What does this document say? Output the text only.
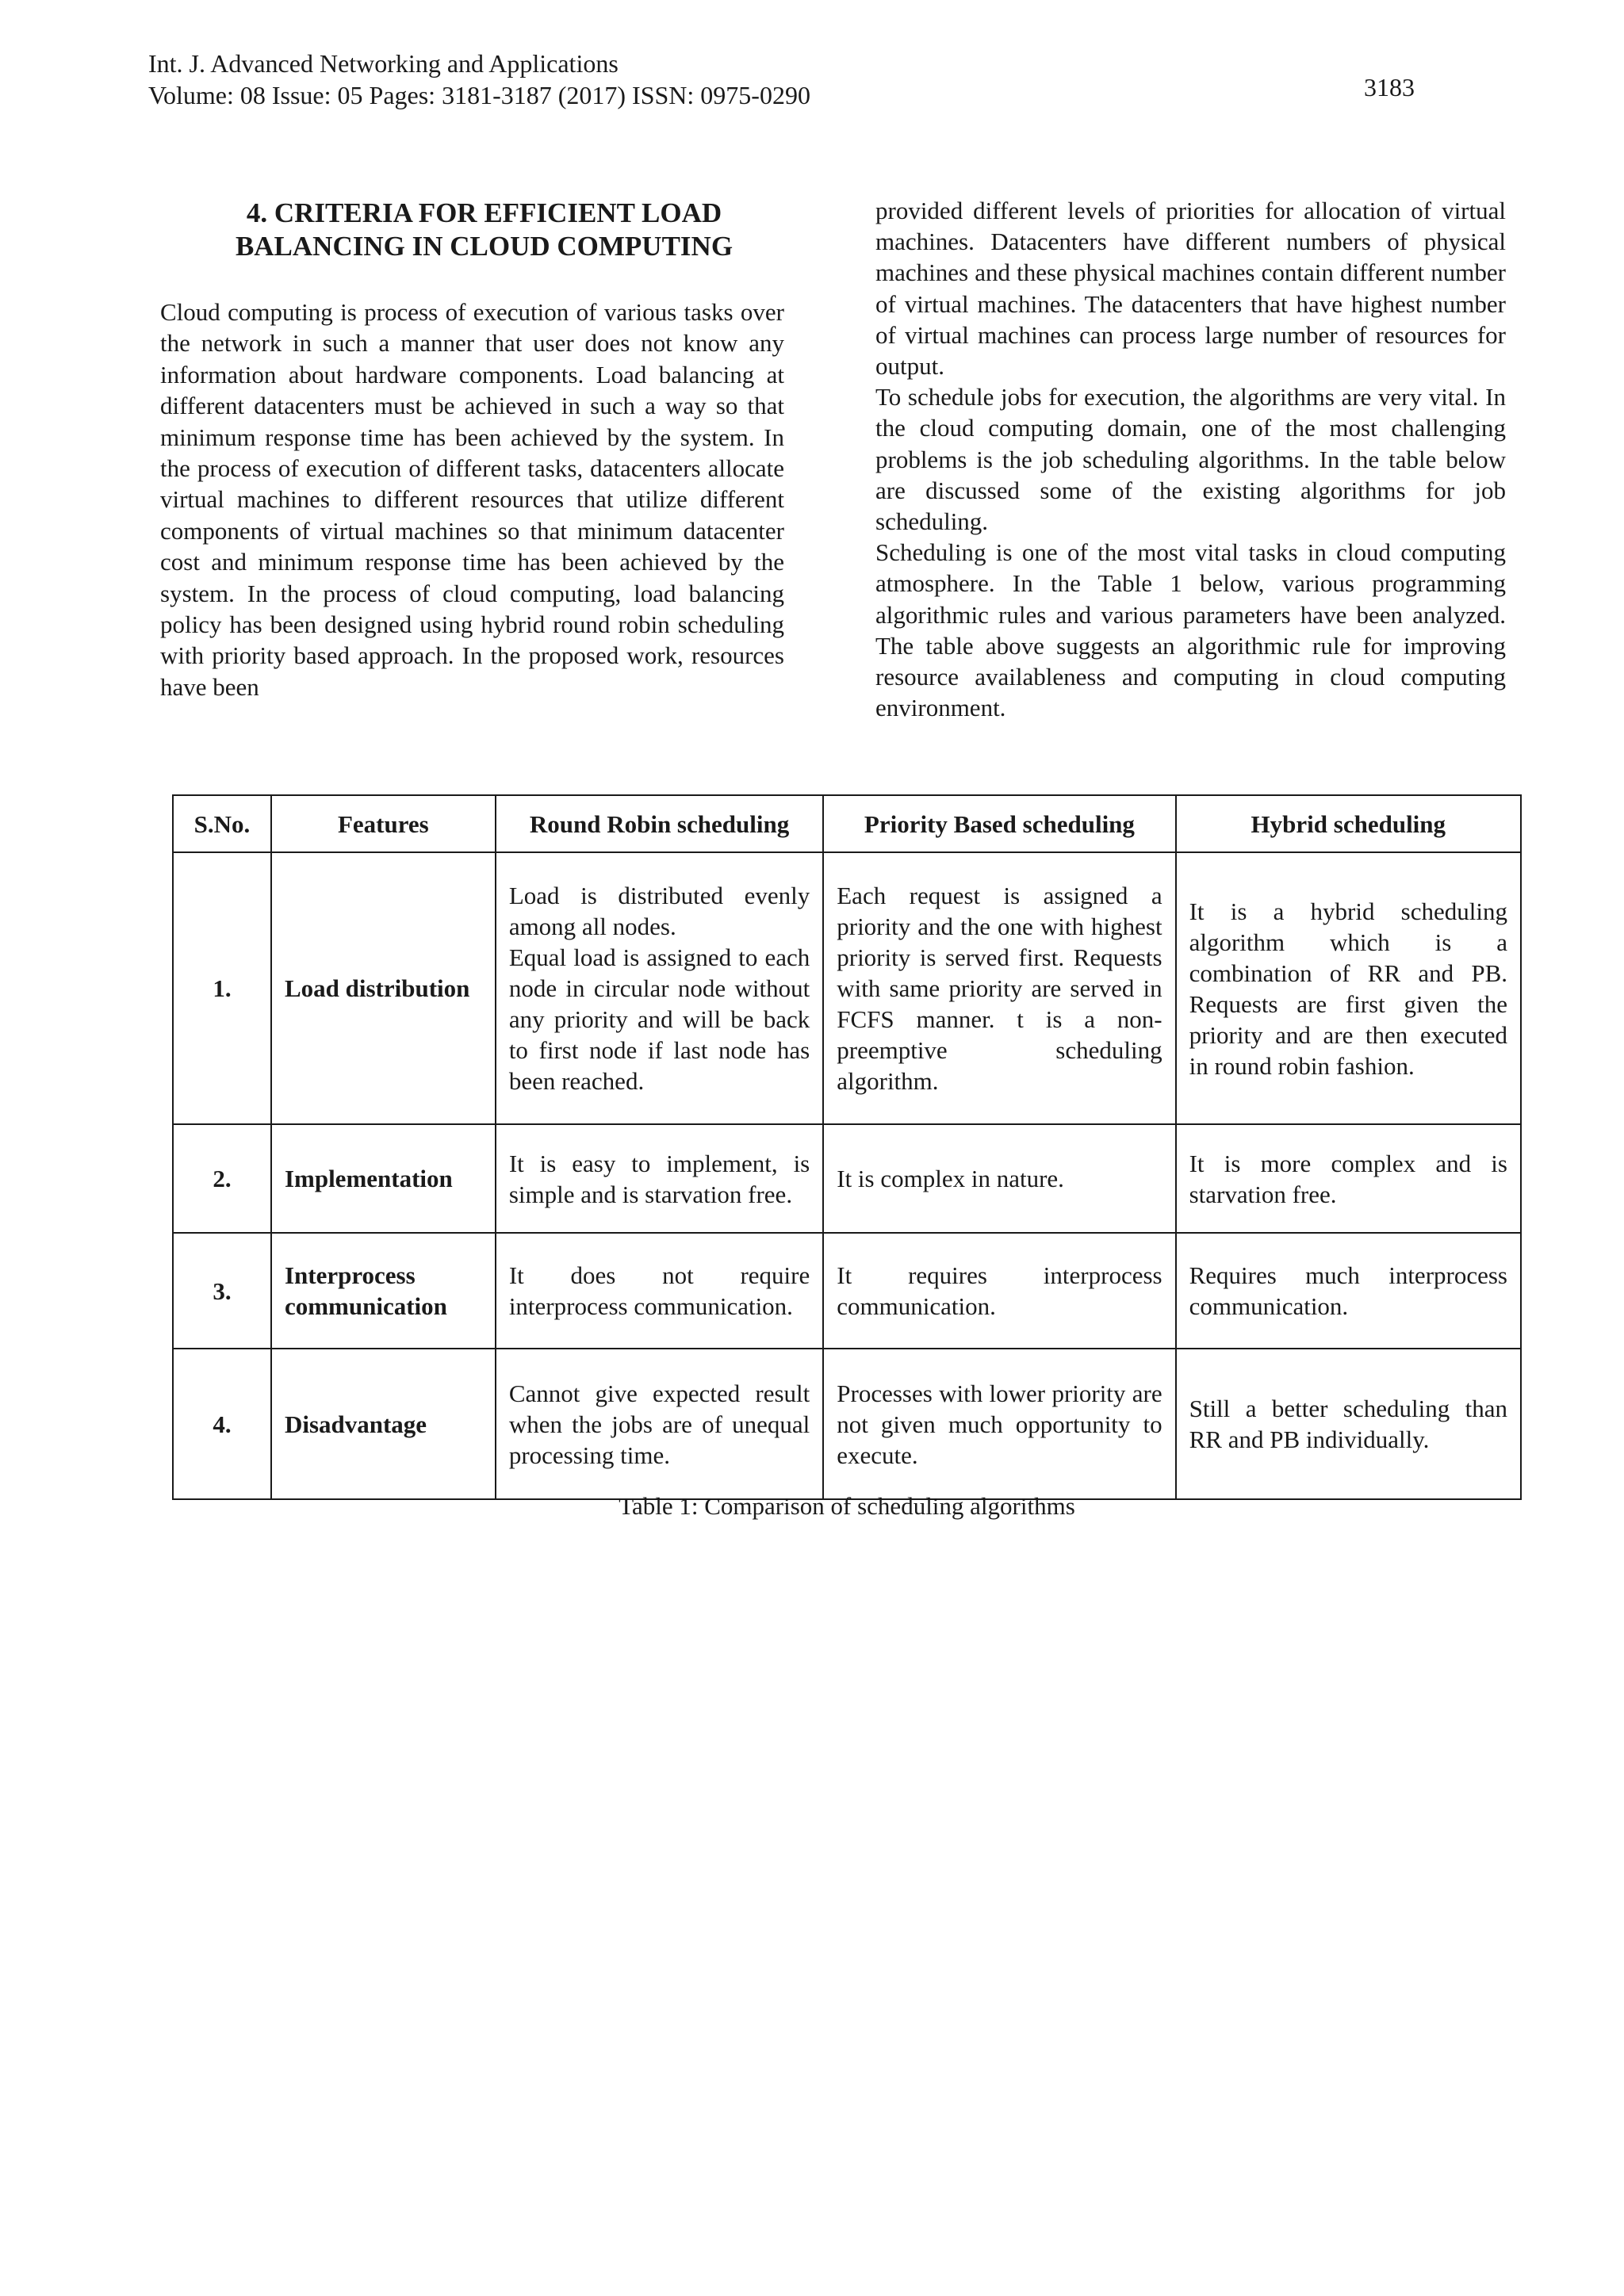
Int. J. Advanced Networking and Applications
Volume: 08 Issue: 05 Pages: 3181-3187 (2017) ISSN: 0975-0290	3183
4. CRITERIA FOR EFFICIENT LOAD
BALANCING IN CLOUD COMPUTING

Cloud computing is process of execution of various tasks over the network in such a manner that user does not know any information about hardware components. Load balancing at different datacenters must be achieved in such a way so that minimum response time has been achieved by the system. In the process of execution of different tasks, datacenters allocate virtual machines to different resources that utilize different components of virtual machines so that minimum datacenter cost and minimum response time has been achieved by the system. In the process of cloud computing, load balancing policy has been designed using hybrid round robin scheduling with priority based approach. In the proposed work, resources have been

provided different levels of priorities for allocation of virtual machines. Datacenters have different numbers of physical machines and these physical machines contain different number of virtual machines. The datacenters that have highest number of virtual machines can process large number of resources for output.

To schedule jobs for execution, the algorithms are very vital. In the cloud computing domain, one of the most challenging problems is the job scheduling algorithms. In the table below are discussed some of the existing algorithms for job scheduling.

Scheduling is one of the most vital tasks in cloud computing atmosphere. In the Table 1 below, various programming algorithmic rules and various parameters have been analyzed. The table above suggests an algorithmic rule for improving resource availableness and computing in cloud computing environment.

S.No.	Features	Round Robin scheduling	Priority Based scheduling	Hybrid scheduling
1.	Load distribution	Load is distributed evenly among all nodes.
Equal load is assigned to each node in circular node without any priority and will be back to first node if last node has been reached.	Each request is assigned a priority and the one with highest priority is served first. Requests with same priority are served in FCFS manner. t is a non-preemptive scheduling algorithm.	It is a hybrid scheduling algorithm which is a combination of RR and PB. Requests are first given the priority and are then executed in round robin fashion.
2.	Implementation	It is easy to implement, is simple and is starvation free.	It is complex in nature.	It is more complex and is starvation free.
3.	Interprocess communication	It does not require interprocess communication.	It requires interprocess communication.	Requires much interprocess communication.
4.	Disadvantage	Cannot give expected result when the jobs are of unequal processing time.	Processes with lower priority are not given much opportunity to execute.	Still a better scheduling than RR and PB individually.
Table 1: Comparison of scheduling algorithms
